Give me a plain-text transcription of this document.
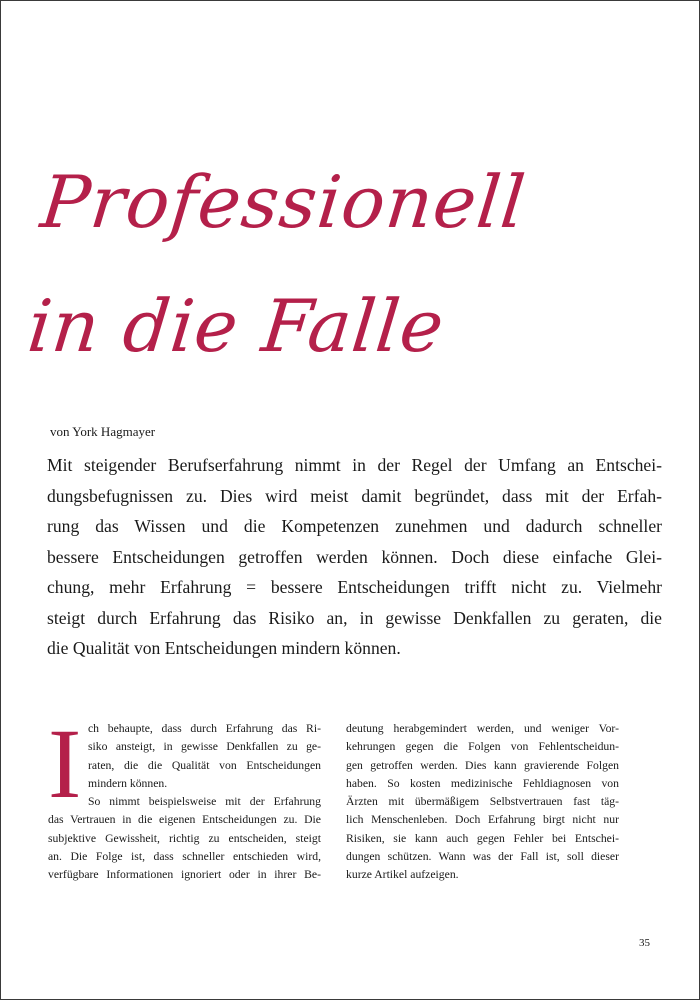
Professionell
in die Falle
von York Hagmayer
Mit steigender Berufserfahrung nimmt in der Regel der Umfang an Entschei-
dungsbefugnissen zu. Dies wird meist damit begründet, dass mit der Erfah-
rung das Wissen und die Kompetenzen zunehmen und dadurch schneller
bessere Entscheidungen getroffen werden können. Doch diese einfache Glei-
chung, mehr Erfahrung = bessere Entscheidungen trifft nicht zu. Vielmehr
steigt durch Erfahrung das Risiko an, in gewisse Denkfallen zu geraten, die
die Qualität von Entscheidungen mindern können.
I ch behaupte, dass durch Erfahrung das Ri-
siko ansteigt, in gewisse Denkfallen zu ge-
raten, die die Qualität von Entscheidungen
mindern können.
So nimmt beispielsweise mit der Erfahrung
das Vertrauen in die eigenen Entscheidungen zu. Die
subjektive Gewissheit, richtig zu entscheiden, steigt
an. Die Folge ist, dass schneller entschieden wird,
verfügbare Informationen ignoriert oder in ihrer Be-
deutung herabgemindert werden, und weniger Vor-
kehrungen gegen die Folgen von Fehlentscheidun-
gen getroffen werden. Dies kann gravierende Folgen
haben. So kosten medizinische Fehldiagnosen von
Ärzten mit übermäßigem Selbstvertrauen fast täg-
lich Menschenleben. Doch Erfahrung birgt nicht nur
Risiken, sie kann auch gegen Fehler bei Entschei-
dungen schützen. Wann was der Fall ist, soll dieser
kurze Artikel aufzeigen.
35
